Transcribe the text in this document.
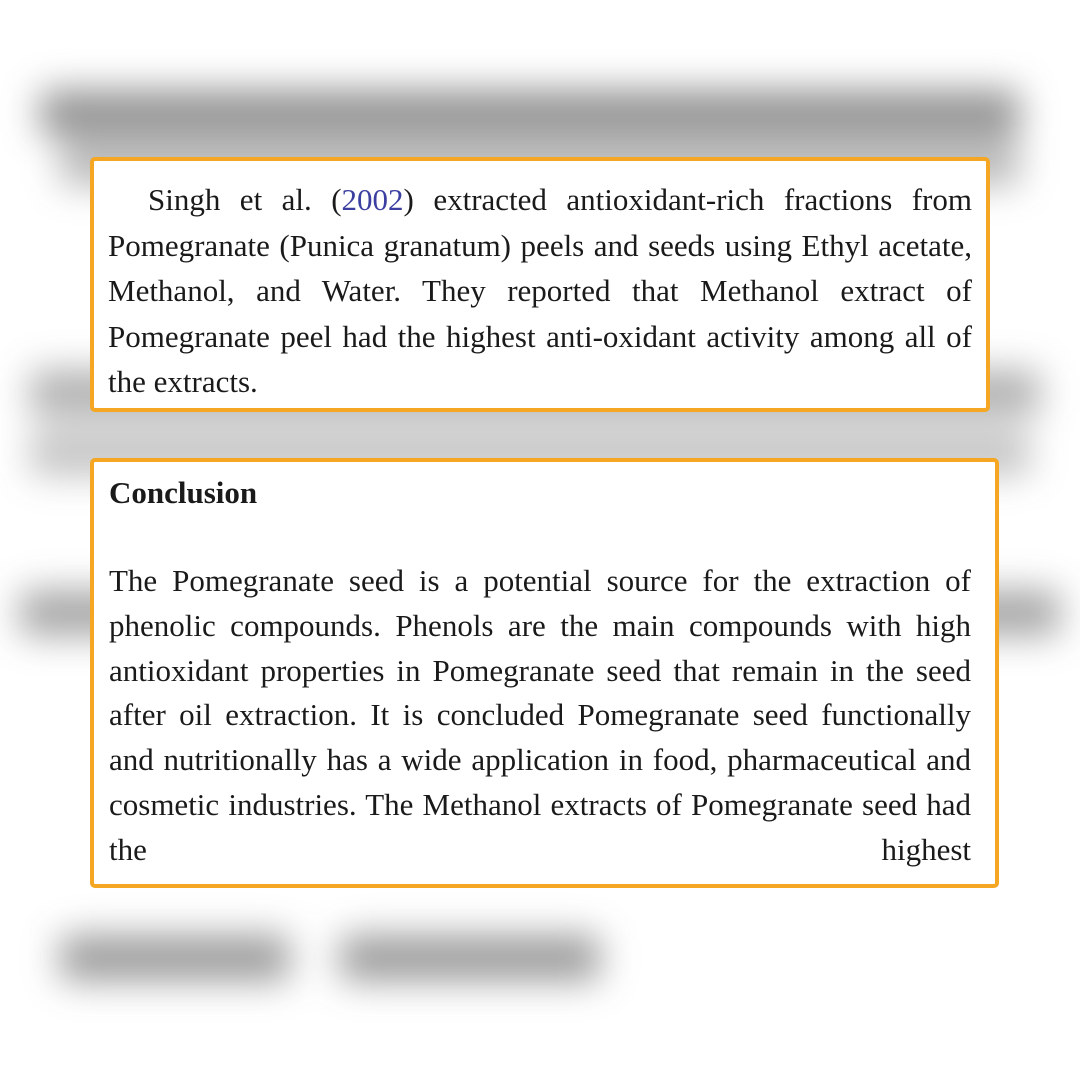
Singh et al. (2002) extracted antioxidant-rich fractions from Pomegranate (Punica granatum) peels and seeds using Ethyl acetate, Methanol, and Water. They reported that Methanol extract of Pomegranate peel had the highest anti-oxidant activity among all of the extracts.

Conclusion

The Pomegranate seed is a potential source for the extraction of phenolic compounds. Phenols are the main compounds with high antioxidant properties in Pomegranate seed that remain in the seed after oil extraction. It is concluded Pomegranate seed functionally and nutritionally has a wide application in food, pharmaceutical and cosmetic industries. The Methanol extracts of Pomegranate seed had the highest
